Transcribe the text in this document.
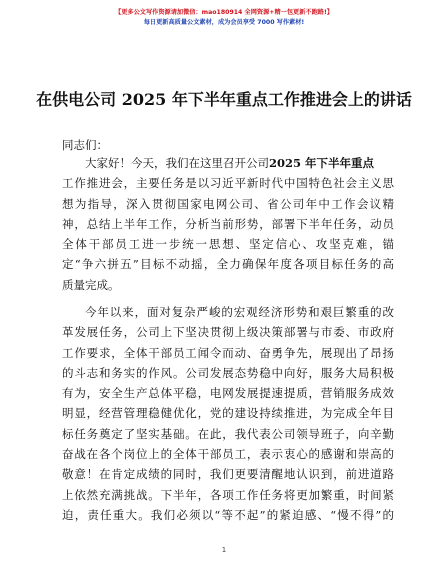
【更多公文写作资源请加微信：mao180914 全网资源+精一包更新不跑路!】
每日更新高质量公文素材，成为会员享受 7000 写作素材!
在供电公司 2025 年下半年重点工作推进会上的讲话
同志们：
大家好！今天，我们在这里召开公司2025 年下半年重点
工作推进会，主要任务是以习近平新时代中国特色社会主义思
想为指导，深入贯彻国家电网公司、省公司年中工作会议精
神，总结上半年工作，分析当前形势，部署下半年任务，动员
全体干部员工进一步统一思想、坚定信心、攻坚克难，锚
定“争六拼五”目标不动摇，全力确保年度各项目标任务的高
质量完成。
今年以来，面对复杂严峻的宏观经济形势和艰巨繁重的改
革发展任务，公司上下坚决贯彻上级决策部署与市委、市政府
工作要求，全体干部员工闻令而动、奋勇争先，展现出了昂扬
的斗志和务实的作风。公司发展态势稳中向好，服务大局积极
有为，安全生产总体平稳，电网发展提速提质，营销服务成效
明显，经营管理稳健优化，党的建设持续推进，为完成全年目
标任务奠定了坚实基础。在此，我代表公司领导班子，向辛勤
奋战在各个岗位上的全体干部员工，表示衷心的感谢和崇高的
敬意！在肯定成绩的同时，我们更要清醒地认识到，前进道路
上依然充满挑战。下半年，各项工作任务将更加繁重，时间紧
迫，责任重大。我们必须以“等不起”的紧迫感、“慢不得”的
1
